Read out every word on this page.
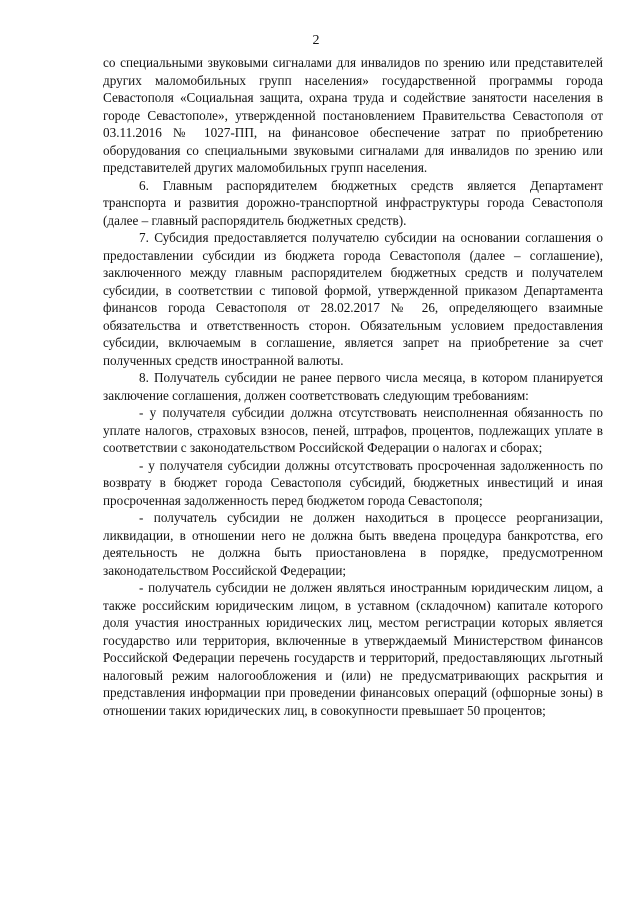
2

со специальными звуковыми сигналами для инвалидов по зрению или представителей других маломобильных групп населения» государственной программы города Севастополя «Социальная защита, охрана труда и содействие занятости населения в городе Севастополе», утвержденной постановлением Правительства Севастополя от 03.11.2016 № 1027-ПП, на финансовое обеспечение затрат по приобретению оборудования со специальными звуковыми сигналами для инвалидов по зрению или представителей других маломобильных групп населения.

6. Главным распорядителем бюджетных средств является Департамент транспорта и развития дорожно-транспортной инфраструктуры города Севастополя (далее – главный распорядитель бюджетных средств).

7. Субсидия предоставляется получателю субсидии на основании соглашения о предоставлении субсидии из бюджета города Севастополя (далее – соглашение), заключенного между главным распорядителем бюджетных средств и получателем субсидии, в соответствии с типовой формой, утвержденной приказом Департамента финансов города Севастополя от 28.02.2017 № 26, определяющего взаимные обязательства и ответственность сторон. Обязательным условием предоставления субсидии, включаемым в соглашение, является запрет на приобретение за счет полученных средств иностранной валюты.

8. Получатель субсидии не ранее первого числа месяца, в котором планируется заключение соглашения, должен соответствовать следующим требованиям:

- у получателя субсидии должна отсутствовать неисполненная обязанность по уплате налогов, страховых взносов, пеней, штрафов, процентов, подлежащих уплате в соответствии с законодательством Российской Федерации о налогах и сборах;

- у получателя субсидии должны отсутствовать просроченная задолженность по возврату в бюджет города Севастополя субсидий, бюджетных инвестиций и иная просроченная задолженность перед бюджетом города Севастополя;

- получатель субсидии не должен находиться в процессе реорганизации, ликвидации, в отношении него не должна быть введена процедура банкротства, его деятельность не должна быть приостановлена в порядке, предусмотренном законодательством Российской Федерации;

- получатель субсидии не должен являться иностранным юридическим лицом, а также российским юридическим лицом, в уставном (складочном) капитале которого доля участия иностранных юридических лиц, местом регистрации которых является государство или территория, включенные в утверждаемый Министерством финансов Российской Федерации перечень государств и территорий, предоставляющих льготный налоговый режим налогообложения и (или) не предусматривающих раскрытия и представления информации при проведении финансовых операций (офшорные зоны) в отношении таких юридических лиц, в совокупности превышает 50 процентов;
